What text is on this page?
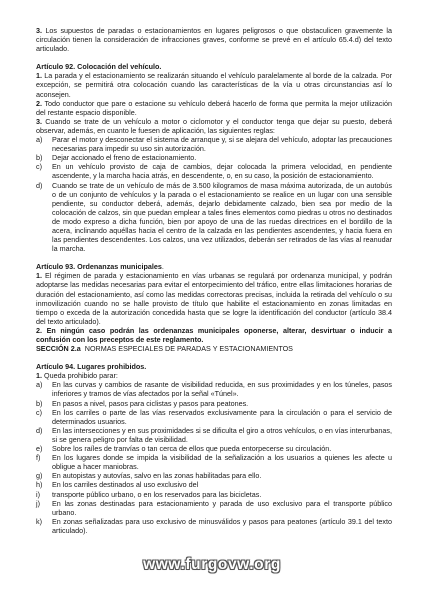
3. Los supuestos de paradas o estacionamientos en lugares peligrosos o que obstaculicen gravemente la circulación tienen la consideración de infracciones graves, conforme se prevé en el artículo 65.4.d) del texto articulado.

Artículo 92. Colocación del vehículo.

1. La parada y el estacionamiento se realizarán situando el vehículo paralelamente al borde de la calzada. Por excepción, se permitirá otra colocación cuando las características de la vía u otras circunstancias así lo aconsejen.

2. Todo conductor que pare o estacione su vehículo deberá hacerlo de forma que permita la mejor utilización del restante espacio disponible.

3. Cuando se trate de un vehículo a motor o ciclomotor y el conductor tenga que dejar su puesto, deberá observar, además, en cuanto le fuesen de aplicación, las siguientes reglas:

a)	Parar el motor y desconectar el sistema de arranque y, si se alejara del vehículo, adoptar las precauciones necesarias para impedir su uso sin autorización.
b)	Dejar accionado el freno de estacionamiento.
c)	En un vehículo provisto de caja de cambios, dejar colocada la primera velocidad, en pendiente ascendente, y la marcha hacia atrás, en descendente, o, en su caso, la posición de estacionamiento.
d)	Cuando se trate de un vehículo de más de 3.500 kilogramos de masa máxima autorizada, de un autobús o de un conjunto de vehículos y la parada o el estacionamiento se realice en un lugar con una sensible pendiente, su conductor deberá, además, dejarlo debidamente calzado, bien sea por medio de la colocación de calzos, sin que puedan emplear a tales fines elementos como piedras u otros no destinados de modo expreso a dicha función, bien por apoyo de una de las ruedas directrices en el bordillo de la acera, inclinando aquéllas hacia el centro de la calzada en las pendientes ascendentes, y hacia fuera en las pendientes descendentes. Los calzos, una vez utilizados, deberán ser retirados de las vías al reanudar la marcha.

Artículo 93. Ordenanzas municipales.

1. El régimen de parada y estacionamiento en vías urbanas se regulará por ordenanza municipal, y podrán adoptarse las medidas necesarias para evitar el entorpecimiento del tráfico, entre ellas limitaciones horarias de duración del estacionamiento, así como las medidas correctoras precisas, incluida la retirada del vehículo o su inmovilización cuando no se halle provisto de título que habilite el estacionamiento en zonas limitadas en tiempo o exceda de la autorización concedida hasta que se logre la identificación del conductor (artículo 38.4 del texto articulado).

2. En ningún caso podrán las ordenanzas municipales oponerse, alterar, desvirtuar o inducir a confusión con los preceptos de este reglamento.

SECCIÓN 2.a NORMAS ESPECIALES DE PARADAS Y ESTACIONAMIENTOS

Artículo 94. Lugares prohibidos.

1. Queda prohibido parar:

a)	En las curvas y cambios de rasante de visibilidad reducida, en sus proximidades y en los túneles, pasos inferiores y tramos de vías afectados por la señal «Túnel».
b)	En pasos a nivel, pasos para ciclistas y pasos para peatones.
c)	En los carriles o parte de las vías reservados exclusivamente para la circulación o para el servicio de determinados usuarios.
d)	En las intersecciones y en sus proximidades si se dificulta el giro a otros vehículos, o en vías interurbanas, si se genera peligro por falta de visibilidad.
e)	Sobre los raíles de tranvías o tan cerca de ellos que pueda entorpecerse su circulación.
f)	En los lugares donde se impida la visibilidad de la señalización a los usuarios a quienes les afecte u obligue a hacer maniobras.
g)	En autopistas y autovías, salvo en las zonas habilitadas para ello.
h)	En los carriles destinados al uso exclusivo del
i)	transporte público urbano, o en los reservados para las bicicletas.
j)	En las zonas destinadas para estacionamiento y parada de uso exclusivo para el transporte público urbano.
k)	En zonas señalizadas para uso exclusivo de minusválidos y pasos para peatones (artículo 39.1 del texto articulado).
www.furgovw.org
